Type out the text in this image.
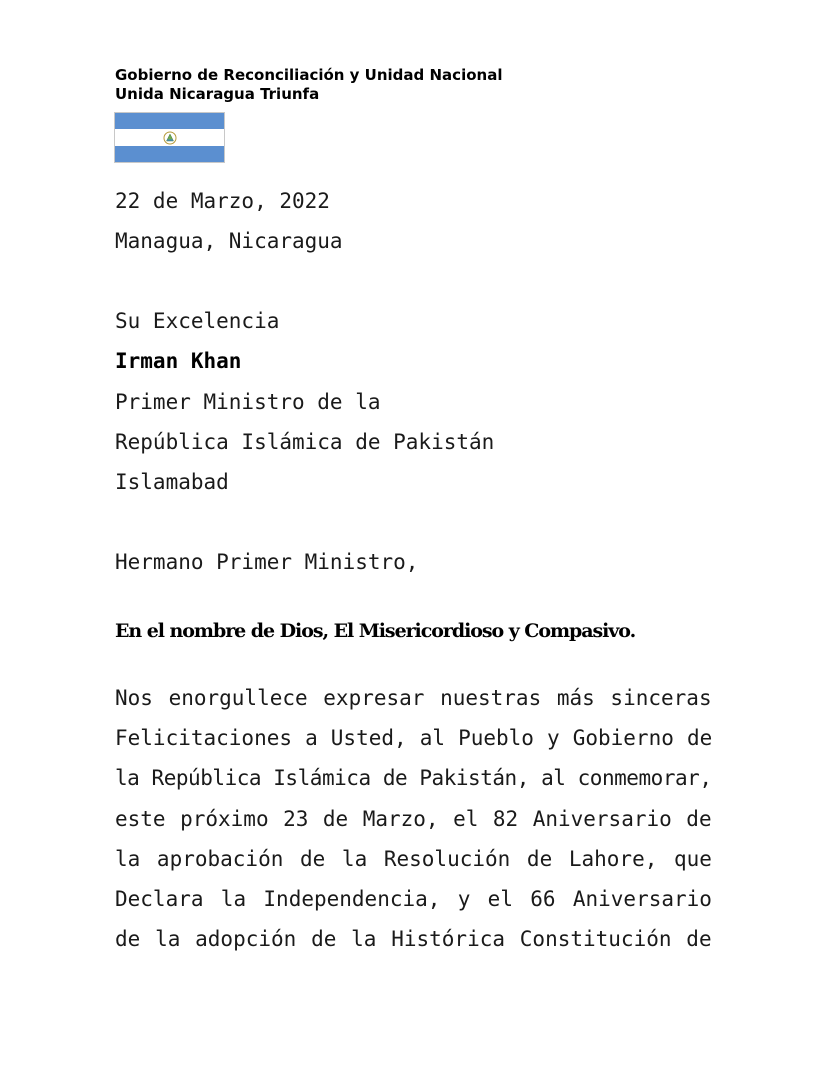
Gobierno de Reconciliación y Unidad Nacional
Unida Nicaragua Triunfa
22 de Marzo, 2022
Managua, Nicaragua
Su Excelencia
Irman Khan
Primer Ministro de la
República Islámica de Pakistán
Islamabad
Hermano Primer Ministro,
En el nombre de Dios, El Misericordioso y Compasivo.
Nos enorgullece expresar nuestras más sinceras
Felicitaciones a Usted, al Pueblo y Gobierno de
la República Islámica de Pakistán, al conmemorar,
este próximo 23 de Marzo, el 82 Aniversario de
la aprobación de la Resolución de Lahore, que
Declara la Independencia, y el 66 Aniversario
de la adopción de la Histórica Constitución de
